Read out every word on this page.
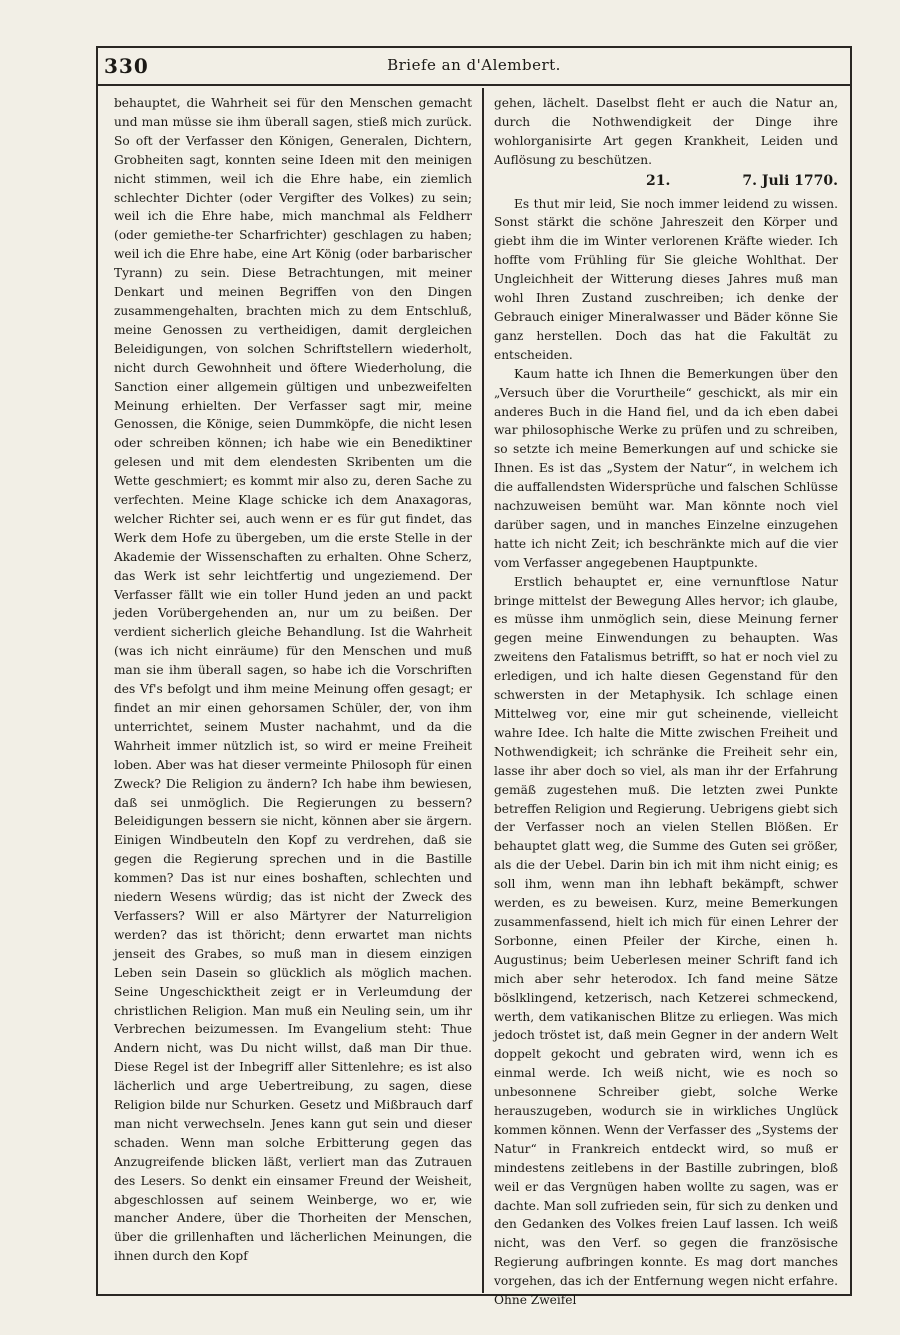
330	Briefe an d'Alembert.

behauptet, die Wahrheit sei für den Menschen gemacht und man müsse sie ihm überall sagen, stieß mich zurück. So oft der Verfasser den Königen, Generalen, Dichtern, Grobheiten sagt, konnten seine Ideen mit den meinigen nicht stimmen, weil ich die Ehre habe, ein ziemlich schlechter Dichter (oder Vergifter des Volkes) zu sein; weil ich die Ehre habe, mich manchmal als Feldherr (oder gemiethe-ter Scharfrichter) geschlagen zu haben; weil ich die Ehre habe, eine Art König (oder barbarischer Tyrann) zu sein. Diese Betrachtungen, mit meiner Denkart und meinen Begriffen von den Dingen zusammengehalten, brachten mich zu dem Entschluß, meine Genossen zu vertheidigen, damit dergleichen Beleidigungen, von solchen Schriftstellern wiederholt, nicht durch Gewohnheit und öftere Wiederholung, die Sanction einer allgemein gültigen und unbezweifelten Meinung erhielten. Der Verfasser sagt mir, meine Genossen, die Könige, seien Dummköpfe, die nicht lesen oder schreiben können; ich habe wie ein Benediktiner gelesen und mit dem elendesten Skribenten um die Wette geschmiert; es kommt mir also zu, deren Sache zu verfechten. Meine Klage schicke ich dem Anaxagoras, welcher Richter sei, auch wenn er es für gut findet, das Werk dem Hofe zu übergeben, um die erste Stelle in der Akademie der Wissenschaften zu erhalten. Ohne Scherz, das Werk ist sehr leichtfertig und ungeziemend. Der Verfasser fällt wie ein toller Hund jeden an und packt jeden Vorübergehenden an, nur um zu beißen. Der verdient sicherlich gleiche Behandlung. Ist die Wahrheit (was ich nicht einräume) für den Menschen und muß man sie ihm überall sagen, so habe ich die Vorschriften des Vf's befolgt und ihm meine Meinung offen gesagt; er findet an mir einen gehorsamen Schüler, der, von ihm unterrichtet, seinem Muster nachahmt, und da die Wahrheit immer nützlich ist, so wird er meine Freiheit loben. Aber was hat dieser vermeinte Philosoph für einen Zweck? Die Religion zu ändern? Ich habe ihm bewiesen, daß sei unmöglich. Die Regierungen zu bessern? Beleidigungen bessern sie nicht, können aber sie ärgern. Einigen Windbeuteln den Kopf zu verdrehen, daß sie gegen die Regierung sprechen und in die Bastille kommen? Das ist nur eines boshaften, schlechten und niedern Wesens würdig; das ist nicht der Zweck des Verfassers? Will er also Märtyrer der Naturreligion werden? das ist thöricht; denn erwartet man nichts jenseit des Grabes, so muß man in diesem einzigen Leben sein Dasein so glücklich als möglich machen. Seine Ungeschicktheit zeigt er in Verleumdung der christlichen Religion. Man muß ein Neuling sein, um ihr Verbrechen beizumessen. Im Evangelium steht: Thue Andern nicht, was Du nicht willst, daß man Dir thue. Diese Regel ist der Inbegriff aller Sittenlehre; es ist also lächerlich und arge Uebertreibung, zu sagen, diese Religion bilde nur Schurken. Gesetz und Mißbrauch darf man nicht verwechseln. Jenes kann gut sein und dieser schaden. Wenn man solche Erbitterung gegen das Anzugreifende blicken läßt, verliert man das Zutrauen des Lesers. So denkt ein einsamer Freund der Weisheit, abgeschlossen auf seinem Weinberge, wo er, wie mancher Andere, über die Thorheiten der Menschen, über die grillenhaften und lächerlichen Meinungen, die ihnen durch den Kopf

gehen, lächelt. Daselbst fleht er auch die Natur an, durch die Nothwendigkeit der Dinge ihre wohlorganisirte Art gegen Krankheit, Leiden und Auflösung zu beschützen.

21.	7. Juli 1770.

Es thut mir leid, Sie noch immer leidend zu wissen. Sonst stärkt die schöne Jahreszeit den Körper und giebt ihm die im Winter verlorenen Kräfte wieder. Ich hoffte vom Frühling für Sie gleiche Wohlthat. Der Ungleichheit der Witterung dieses Jahres muß man wohl Ihren Zustand zuschreiben; ich denke der Gebrauch einiger Mineralwasser und Bäder könne Sie ganz herstellen. Doch das hat die Fakultät zu entscheiden.

Kaum hatte ich Ihnen die Bemerkungen über den „Versuch über die Vorurtheile“ geschickt, als mir ein anderes Buch in die Hand fiel, und da ich eben dabei war philosophische Werke zu prüfen und zu schreiben, so setzte ich meine Bemerkungen auf und schicke sie Ihnen. Es ist das „System der Natur“, in welchem ich die auffallendsten Widersprüche und falschen Schlüsse nachzuweisen bemüht war. Man könnte noch viel darüber sagen, und in manches Einzelne einzugehen hatte ich nicht Zeit; ich beschränkte mich auf die vier vom Verfasser angegebenen Hauptpunkte.

Erstlich behauptet er, eine vernunftlose Natur bringe mittelst der Bewegung Alles hervor; ich glaube, es müsse ihm unmöglich sein, diese Meinung ferner gegen meine Einwendungen zu behaupten. Was zweitens den Fatalismus betrifft, so hat er noch viel zu erledigen, und ich halte diesen Gegenstand für den schwersten in der Metaphysik. Ich schlage einen Mittelweg vor, eine mir gut scheinende, vielleicht wahre Idee. Ich halte die Mitte zwischen Freiheit und Nothwendigkeit; ich schränke die Freiheit sehr ein, lasse ihr aber doch so viel, als man ihr der Erfahrung gemäß zugestehen muß. Die letzten zwei Punkte betreffen Religion und Regierung. Uebrigens giebt sich der Verfasser noch an vielen Stellen Blößen. Er behauptet glatt weg, die Summe des Guten sei größer, als die der Uebel. Darin bin ich mit ihm nicht einig; es soll ihm, wenn man ihn lebhaft bekämpft, schwer werden, es zu beweisen. Kurz, meine Bemerkungen zusammenfassend, hielt ich mich für einen Lehrer der Sorbonne, einen Pfeiler der Kirche, einen h. Augustinus; beim Ueberlesen meiner Schrift fand ich mich aber sehr heterodox. Ich fand meine Sätze böslklingend, ketzerisch, nach Ketzerei schmeckend, werth, dem vatikanischen Blitze zu erliegen. Was mich jedoch tröstet ist, daß mein Gegner in der andern Welt doppelt gekocht und gebraten wird, wenn ich es einmal werde. Ich weiß nicht, wie es noch so unbesonnene Schreiber giebt, solche Werke herauszugeben, wodurch sie in wirkliches Unglück kommen können. Wenn der Verfasser des „Systems der Natur“ in Frankreich entdeckt wird, so muß er mindestens zeitlebens in der Bastille zubringen, bloß weil er das Vergnügen haben wollte zu sagen, was er dachte. Man soll zufrieden sein, für sich zu denken und den Gedanken des Volkes freien Lauf lassen. Ich weiß nicht, was den Verf. so gegen die französische Regierung aufbringen konnte. Es mag dort manches vorgehen, das ich der Entfernung wegen nicht erfahre. Ohne Zweifel
